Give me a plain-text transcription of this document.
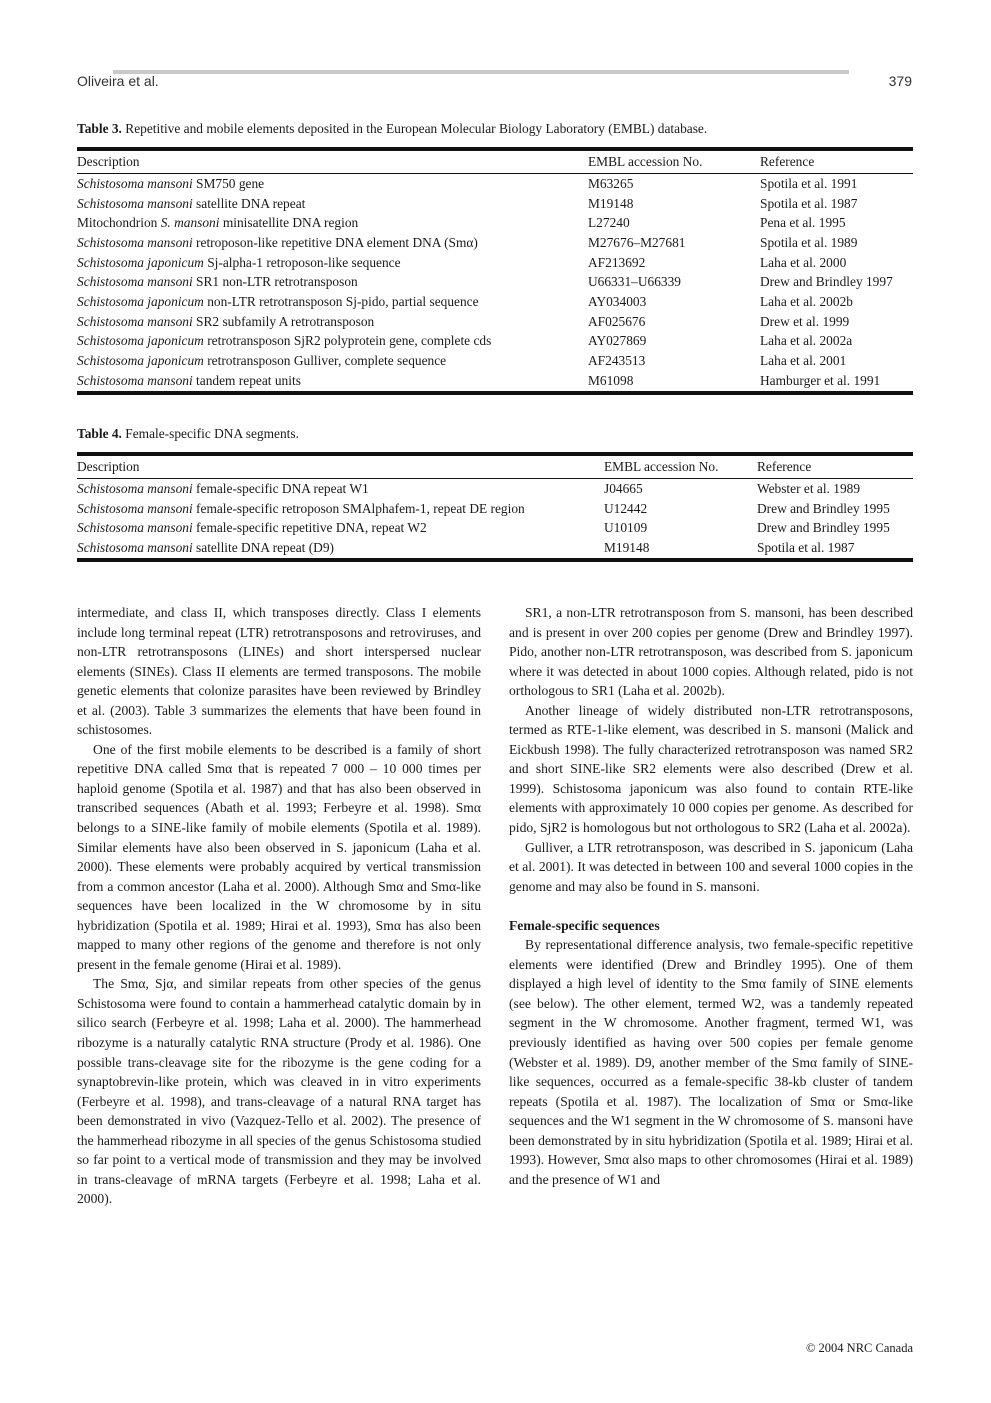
Oliveira et al.	379
Table 3. Repetitive and mobile elements deposited in the European Molecular Biology Laboratory (EMBL) database.
Description	EMBL accession No.	Reference
Schistosoma mansoni SM750 gene	M63265	Spotila et al. 1991
Schistosoma mansoni satellite DNA repeat	M19148	Spotila et al. 1987
Mitochondrion S. mansoni minisatellite DNA region	L27240	Pena et al. 1995
Schistosoma mansoni retroposon-like repetitive DNA element DNA (Smα)	M27676–M27681	Spotila et al. 1989
Schistosoma japonicum Sj-alpha-1 retroposon-like sequence	AF213692	Laha et al. 2000
Schistosoma mansoni SR1 non-LTR retrotransposon	U66331–U66339	Drew and Brindley 1997
Schistosoma japonicum non-LTR retrotransposon Sj-pido, partial sequence	AY034003	Laha et al. 2002b
Schistosoma mansoni SR2 subfamily A retrotransposon	AF025676	Drew et al. 1999
Schistosoma japonicum retrotransposon SjR2 polyprotein gene, complete cds	AY027869	Laha et al. 2002a
Schistosoma japonicum retrotransposon Gulliver, complete sequence	AF243513	Laha et al. 2001
Schistosoma mansoni tandem repeat units	M61098	Hamburger et al. 1991
Table 4. Female-specific DNA segments.
Description	EMBL accession No.	Reference
Schistosoma mansoni female-specific DNA repeat W1	J04665	Webster et al. 1989
Schistosoma mansoni female-specific retroposon SMAlphafem-1, repeat DE region	U12442	Drew and Brindley 1995
Schistosoma mansoni female-specific repetitive DNA, repeat W2	U10109	Drew and Brindley 1995
Schistosoma mansoni satellite DNA repeat (D9)	M19148	Spotila et al. 1987

intermediate, and class II, which transposes directly. Class I elements include long terminal repeat (LTR) retrotransposons and retroviruses, and non-LTR retrotransposons (LINEs) and short interspersed nuclear elements (SINEs). Class II elements are termed transposons. The mobile genetic elements that colonize parasites have been reviewed by Brindley et al. (2003). Table 3 summarizes the elements that have been found in schistosomes.

One of the first mobile elements to be described is a family of short repetitive DNA called Smα that is repeated 7 000 – 10 000 times per haploid genome (Spotila et al. 1987) and that has also been observed in transcribed sequences (Abath et al. 1993; Ferbeyre et al. 1998). Smα belongs to a SINE-like family of mobile elements (Spotila et al. 1989). Similar elements have also been observed in S. japonicum (Laha et al. 2000). These elements were probably acquired by vertical transmission from a common ancestor (Laha et al. 2000). Although Smα and Smα-like sequences have been localized in the W chromosome by in situ hybridization (Spotila et al. 1989; Hirai et al. 1993), Smα has also been mapped to many other regions of the genome and therefore is not only present in the female genome (Hirai et al. 1989).

The Smα, Sjα, and similar repeats from other species of the genus Schistosoma were found to contain a hammerhead catalytic domain by in silico search (Ferbeyre et al. 1998; Laha et al. 2000). The hammerhead ribozyme is a naturally catalytic RNA structure (Prody et al. 1986). One possible trans-cleavage site for the ribozyme is the gene coding for a synaptobrevin-like protein, which was cleaved in in vitro experiments (Ferbeyre et al. 1998), and trans-cleavage of a natural RNA target has been demonstrated in vivo (Vazquez-Tello et al. 2002). The presence of the hammerhead ribozyme in all species of the genus Schistosoma studied so far point to a vertical mode of transmission and they may be involved in trans-cleavage of mRNA targets (Ferbeyre et al. 1998; Laha et al. 2000).

SR1, a non-LTR retrotransposon from S. mansoni, has been described and is present in over 200 copies per genome (Drew and Brindley 1997). Pido, another non-LTR retrotransposon, was described from S. japonicum where it was detected in about 1000 copies. Although related, pido is not orthologous to SR1 (Laha et al. 2002b).

Another lineage of widely distributed non-LTR retrotransposons, termed as RTE-1-like element, was described in S. mansoni (Malick and Eickbush 1998). The fully characterized retrotransposon was named SR2 and short SINE-like SR2 elements were also described (Drew et al. 1999). Schistosoma japonicum was also found to contain RTE-like elements with approximately 10 000 copies per genome. As described for pido, SjR2 is homologous but not orthologous to SR2 (Laha et al. 2002a).

Gulliver, a LTR retrotransposon, was described in S. japonicum (Laha et al. 2001). It was detected in between 100 and several 1000 copies in the genome and may also be found in S. mansoni.

Female-specific sequences

By representational difference analysis, two female-specific repetitive elements were identified (Drew and Brindley 1995). One of them displayed a high level of identity to the Smα family of SINE elements (see below). The other element, termed W2, was a tandemly repeated segment in the W chromosome. Another fragment, termed W1, was previously identified as having over 500 copies per female genome (Webster et al. 1989). D9, another member of the Smα family of SINE-like sequences, occurred as a female-specific 38-kb cluster of tandem repeats (Spotila et al. 1987). The localization of Smα or Smα-like sequences and the W1 segment in the W chromosome of S. mansoni have been demonstrated by in situ hybridization (Spotila et al. 1989; Hirai et al. 1993). However, Smα also maps to other chromosomes (Hirai et al. 1989) and the presence of W1 and

© 2004 NRC Canada
